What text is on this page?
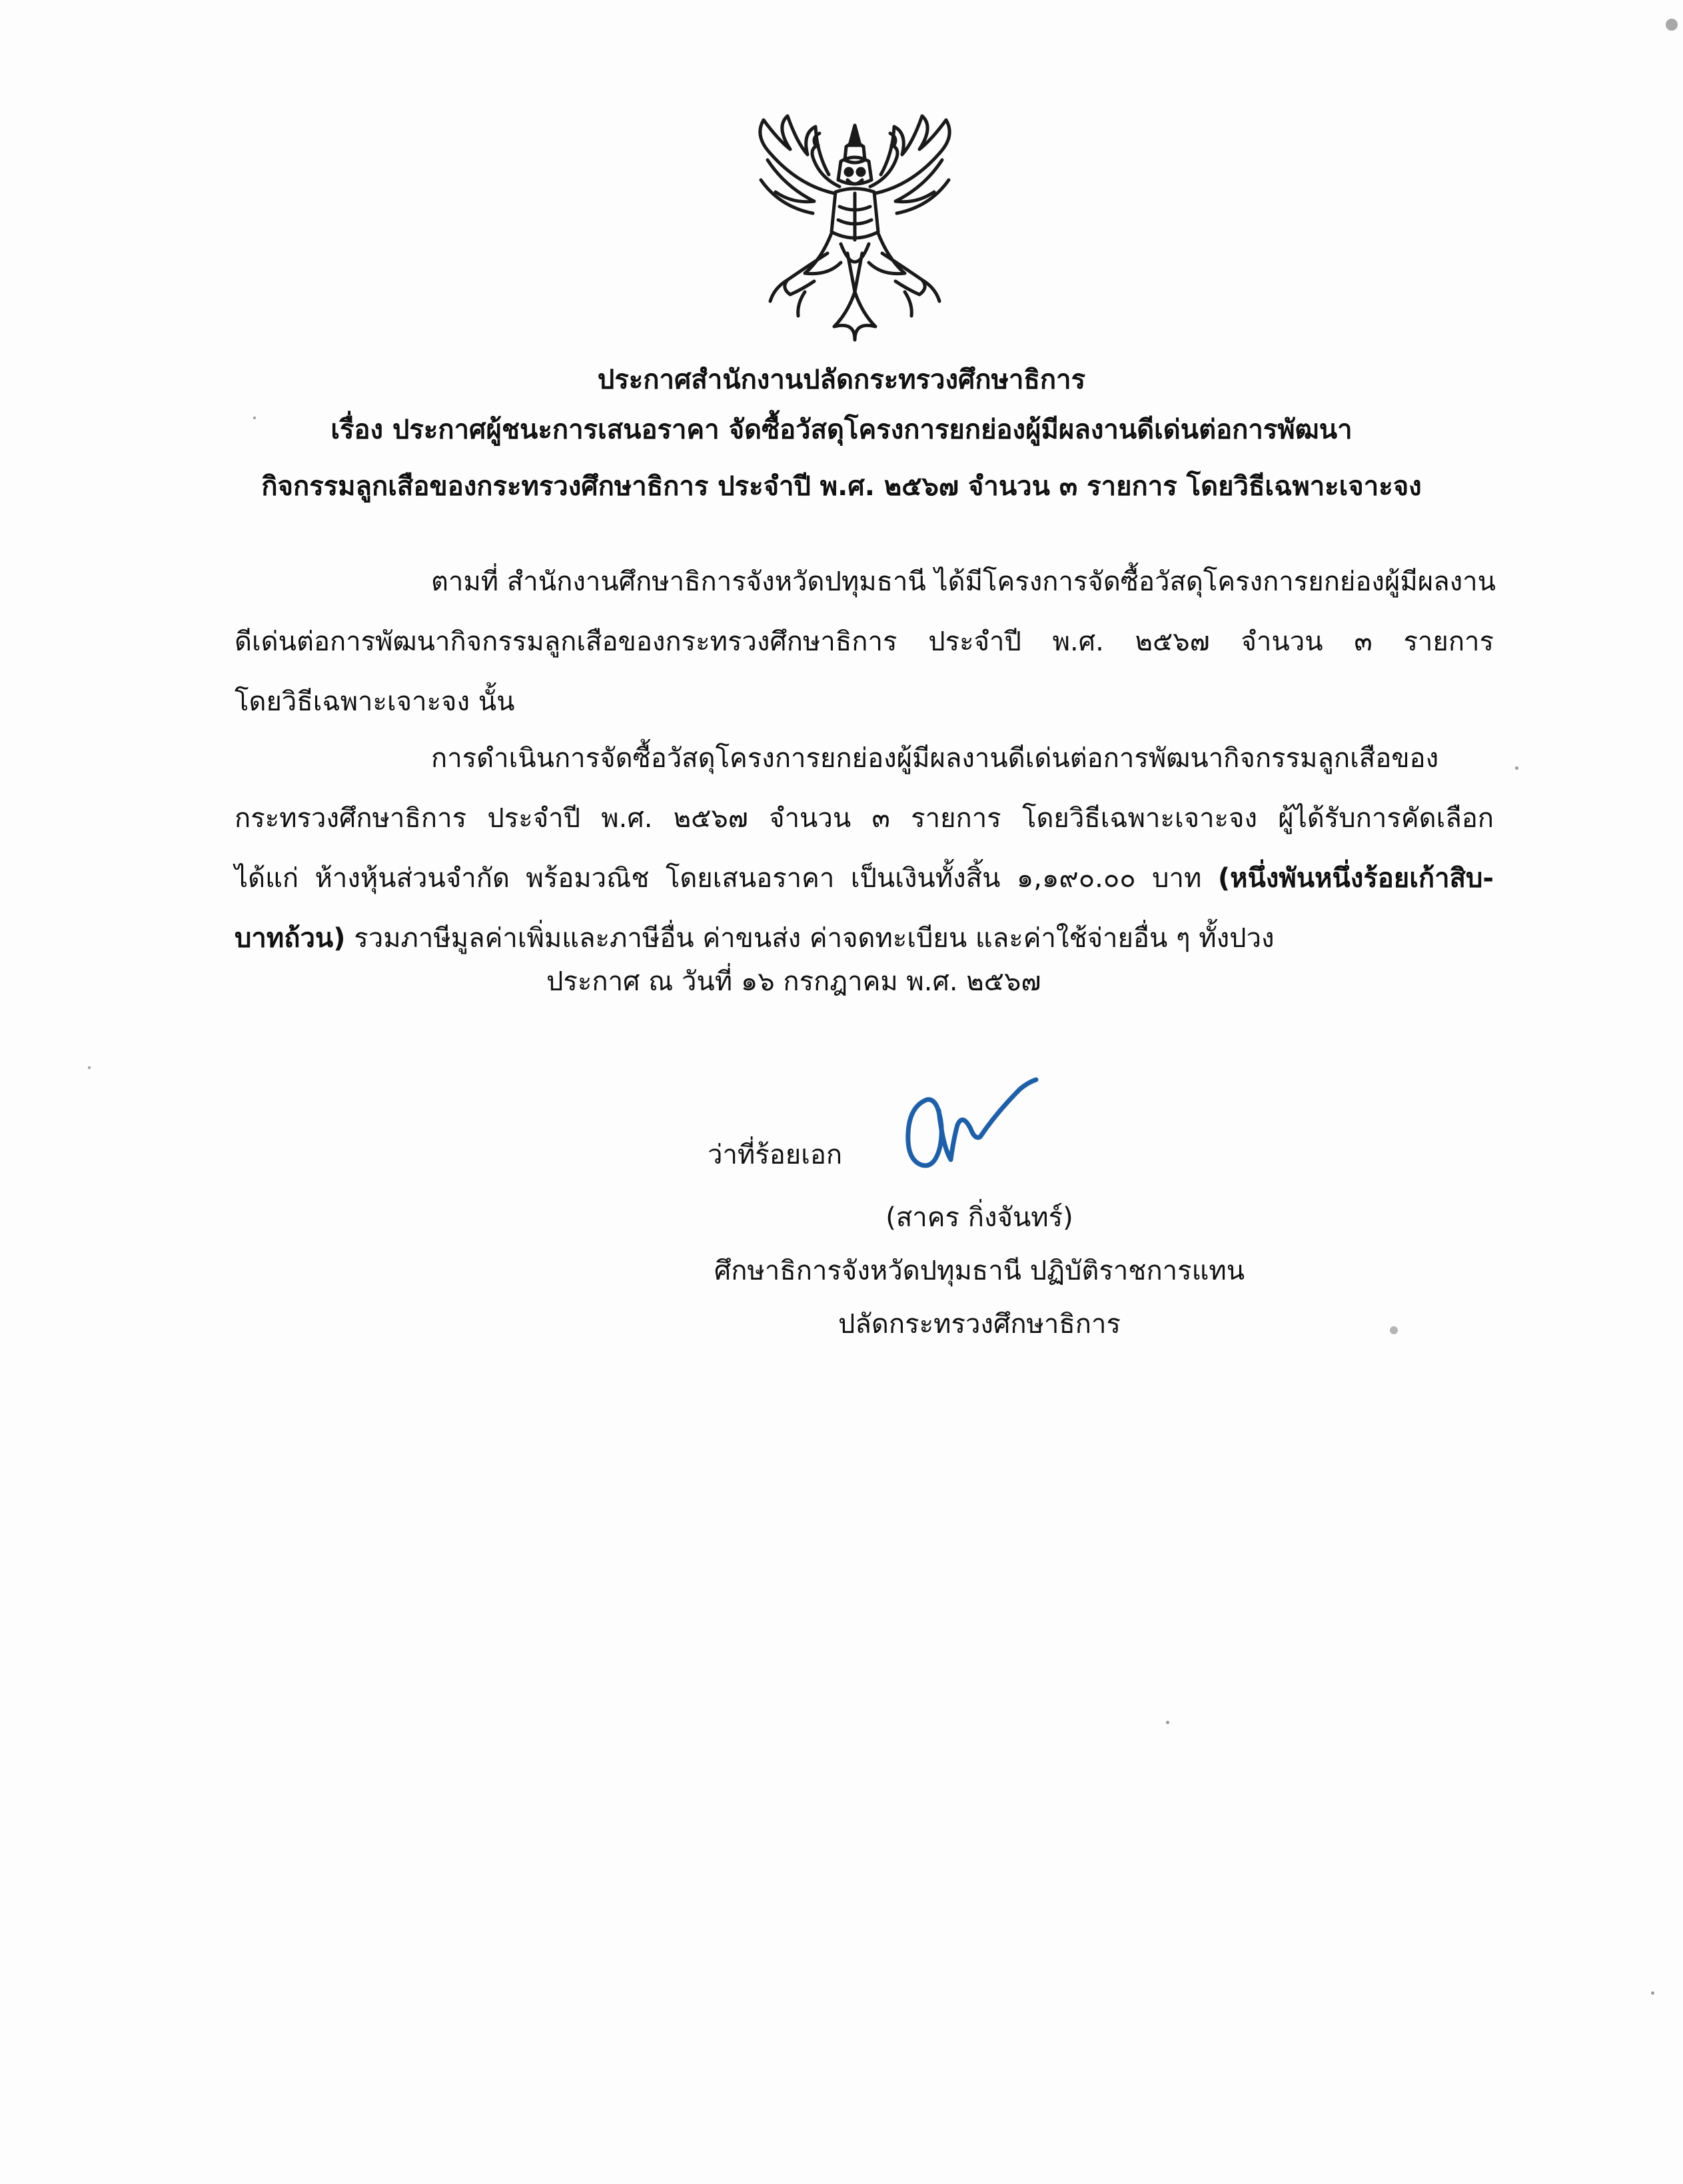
ประกาศสำนักงานปลัดกระทรวงศึกษาธิการ
เรื่อง ประกาศผู้ชนะการเสนอราคา จัดซื้อวัสดุโครงการยกย่องผู้มีผลงานดีเด่นต่อการพัฒนา
กิจกรรมลูกเสือของกระทรวงศึกษาธิการ ประจำปี พ.ศ. ๒๕๖๗ จำนวน ๓ รายการ โดยวิธีเฉพาะเจาะจง
ตามที่ สำนักงานศึกษาธิการจังหวัดปทุมธานี ได้มีโครงการจัดซื้อวัสดุโครงการยกย่องผู้มีผลงาน
ดีเด่นต่อการพัฒนากิจกรรมลูกเสือของกระทรวงศึกษาธิการ ประจำปี พ.ศ. ๒๕๖๗ จำนวน ๓ รายการ
โดยวิธีเฉพาะเจาะจง นั้น
การดำเนินการจัดซื้อวัสดุโครงการยกย่องผู้มีผลงานดีเด่นต่อการพัฒนากิจกรรมลูกเสือของ
กระทรวงศึกษาธิการ ประจำปี พ.ศ. ๒๕๖๗ จำนวน ๓ รายการ โดยวิธีเฉพาะเจาะจง ผู้ได้รับการคัดเลือก
ได้แก่ ห้างหุ้นส่วนจำกัด พร้อมวณิช โดยเสนอราคา เป็นเงินทั้งสิ้น ๑,๑๙๐.๐๐ บาท (หนึ่งพันหนึ่งร้อยเก้าสิบ-
บาทถ้วน) รวมภาษีมูลค่าเพิ่มและภาษีอื่น ค่าขนส่ง ค่าจดทะเบียน และค่าใช้จ่ายอื่น ๆ ทั้งปวง
ประกาศ ณ วันที่ ๑๖ กรกฎาคม พ.ศ. ๒๕๖๗
ว่าที่ร้อยเอก
(สาคร กิ่งจันทร์)
ศึกษาธิการจังหวัดปทุมธานี ปฏิบัติราชการแทน
ปลัดกระทรวงศึกษาธิการ
